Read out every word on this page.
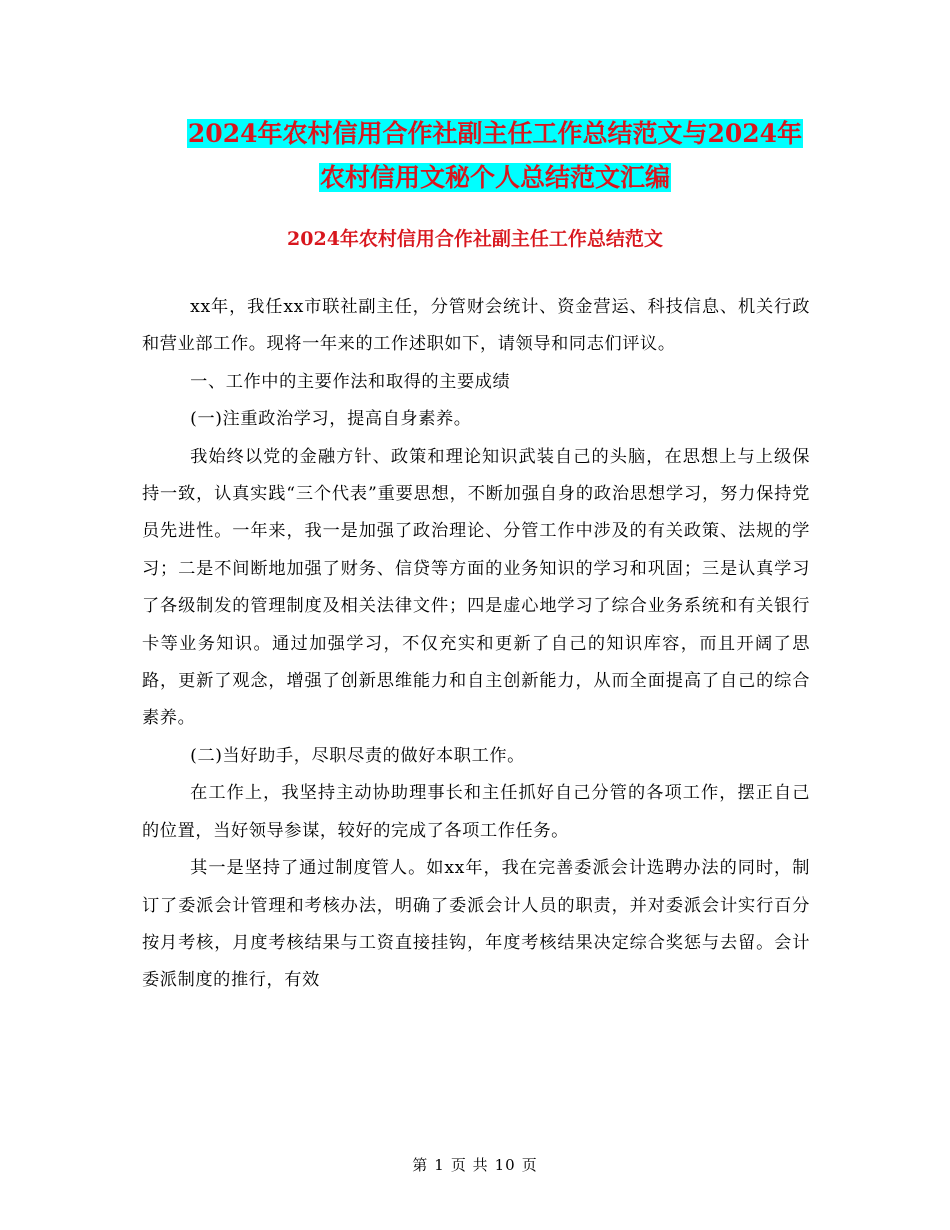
2024年农村信用合作社副主任工作总结范文与2024年
农村信用文秘个人总结范文汇编
2024年农村信用合作社副主任工作总结范文

xx年，我任xx市联社副主任，分管财会统计、资金营运、科技信息、机关行政和营业部工作。现将一年来的工作述职如下，请领导和同志们评议。

一、工作中的主要作法和取得的主要成绩

(一)注重政治学习，提高自身素养。

我始终以党的金融方针、政策和理论知识武装自己的头脑，在思想上与上级保持一致，认真实践“三个代表”重要思想，不断加强自身的政治思想学习，努力保持党员先进性。一年来，我一是加强了政治理论、分管工作中涉及的有关政策、法规的学习；二是不间断地加强了财务、信贷等方面的业务知识的学习和巩固；三是认真学习了各级制发的管理制度及相关法律文件；四是虚心地学习了综合业务系统和有关银行卡等业务知识。通过加强学习，不仅充实和更新了自己的知识库容，而且开阔了思路，更新了观念，增强了创新思维能力和自主创新能力，从而全面提高了自己的综合素养。

(二)当好助手，尽职尽责的做好本职工作。

在工作上，我坚持主动协助理事长和主任抓好自己分管的各项工作，摆正自己的位置，当好领导参谋，较好的完成了各项工作任务。

其一是坚持了通过制度管人。如xx年，我在完善委派会计选聘办法的同时，制订了委派会计管理和考核办法，明确了委派会计人员的职责，并对委派会计实行百分按月考核，月度考核结果与工资直接挂钩，年度考核结果决定综合奖惩与去留。会计委派制度的推行，有效

第 1 页 共 10 页
